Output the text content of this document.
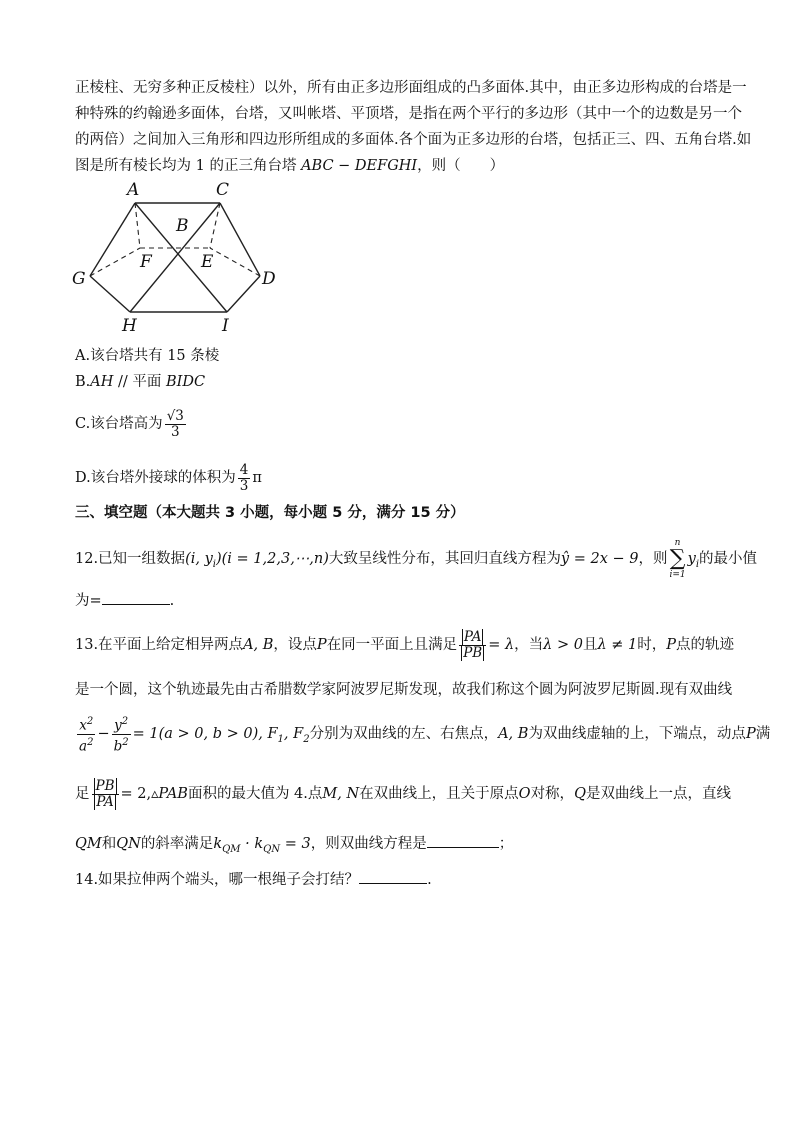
正棱柱、无穷多种正反棱柱）以外，所有由正多边形面组成的凸多面体.其中，由正多边形构成的台塔是一
种特殊的约翰逊多面体，台塔，又叫帐塔、平顶塔，是指在两个平行的多边形（其中一个的边数是另一个
的两倍）之间加入三角形和四边形所组成的多面体.各个面为正多边形的台塔，包括正三、四、五角台塔.如
图是所有棱长均为 1 的正三角台塔 ABC − DEFGHI，则（　　）
A	C
B
F	E
G	D
H	I
A.该台塔共有 15 条棱
B.AH // 平面 BIDC
C.该台塔高为 $\frac{√3}{3}$
D.该台塔外接球的体积为 $\frac{4}{3}$ π
三、填空题（本大题共 3 小题，每小题 5 分，满分 15 分）
12.已知一组数据(i, $y_i)(i$ = 1,2,3,⋯,n)大致呈线性分布，其回归直线方程为ŷ = 2x − 9，则n
∑
$i=1y_i$的最小值
为=	.
13.在平面上给定相异两点A, B，设点P在同一平面上且满足 $\frac{PA}{PB} = \lambda$，当λ > 0且λ ≠ 1时，P点的轨迹
是一个圆，这个轨迹最先由古希腊数学家阿波罗尼斯发现，故我们称这个圆为阿波罗尼斯圆.现有双曲线
$\frac{x^2}{a^2} - \frac{y^2}{b^2} = 1(a > 0$, b > 0), $F_1$, $F_2$分别为双曲线的左、右焦点，A, B为双曲线虚轴的上，下端点，动点P满
足 $\frac{PB}{PA}$ = 2,▵PAB面积的最大值为 4.点M, N在双曲线上，且关于原点O对称，Q是双曲线上一点，直线
QM和QN的斜率满足$k_{QM} \cdot k_{QN} = 3$，则双曲线方程是	；
14.如果拉伸两个端头，哪一根绳子会打结？	.
